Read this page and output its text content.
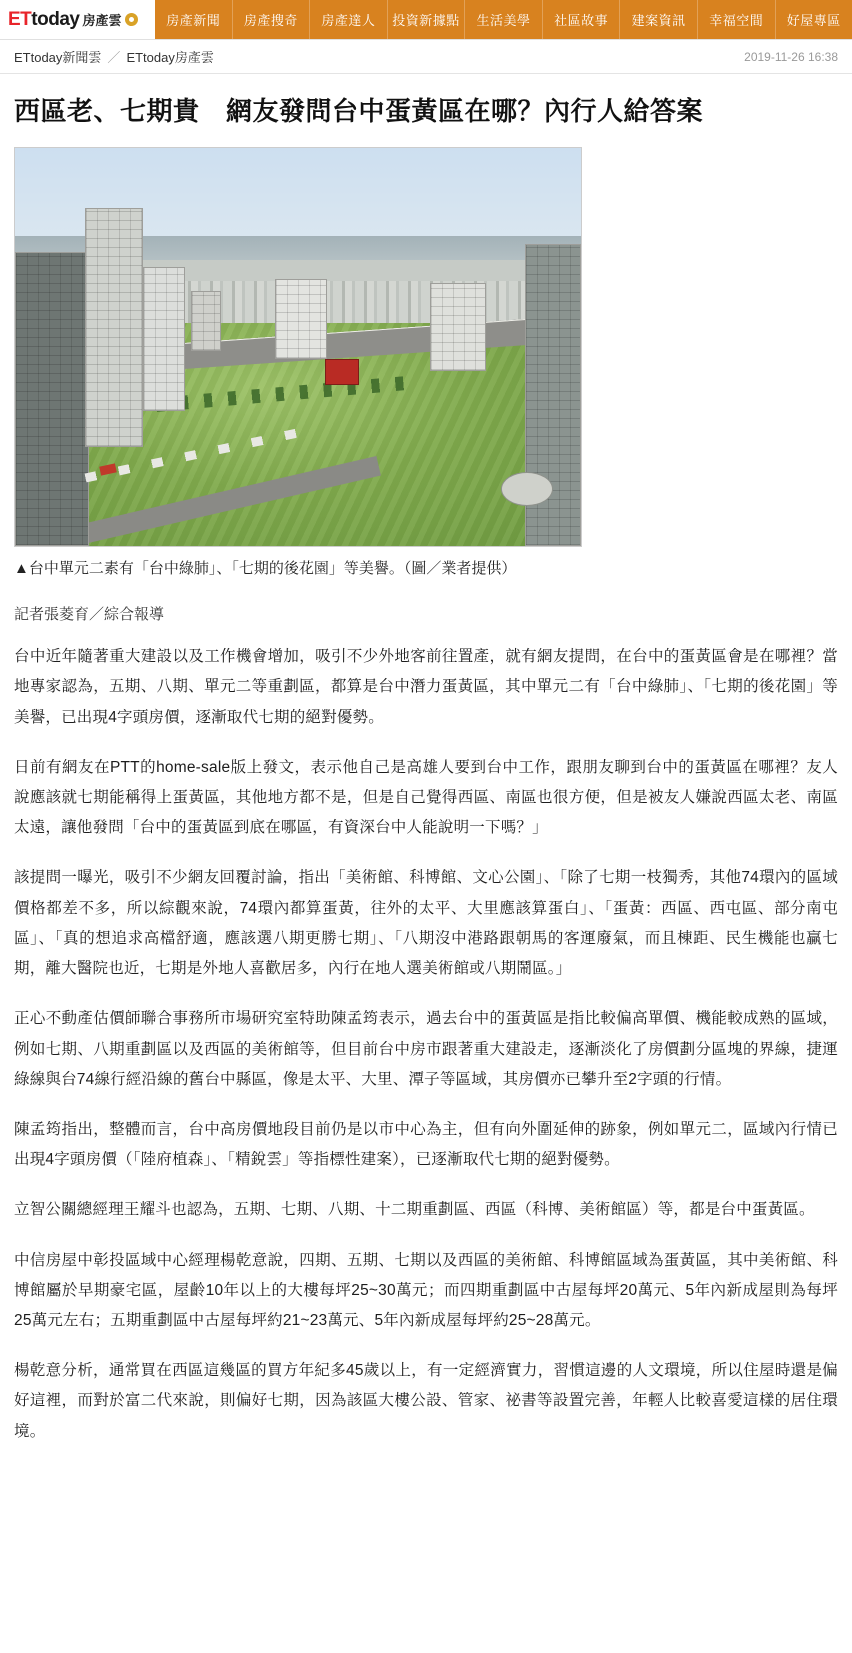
ETtoday 房產雲	房產新聞	房產搜奇	房產達人	投資新據點	生活美學	社區故事	建案資訊	幸福空間	好屋專區
ETtoday新聞雲 ／ ETtoday房產雲	2019-11-26 16:38
西區老、七期貴　網友發問台中蛋黃區在哪？內行人給答案
▲台中單元二素有「台中綠肺」、「七期的後花園」等美譽。（圖／業者提供）
記者張菱育／綜合報導

台中近年隨著重大建設以及工作機會增加，吸引不少外地客前往置產，就有網友提問，在台中的蛋黃區會是在哪裡？當地專家認為，五期、八期、單元二等重劃區，都算是台中潛力蛋黃區，其中單元二有「台中綠肺」、「七期的後花園」等美譽，已出現4字頭房價，逐漸取代七期的絕對優勢。

日前有網友在PTT的home-sale版上發文，表示他自己是高雄人要到台中工作，跟朋友聊到台中的蛋黃區在哪裡？友人說應該就七期能稱得上蛋黃區，其他地方都不是，但是自己覺得西區、南區也很方便，但是被友人嫌說西區太老、南區太遠，讓他發問「台中的蛋黃區到底在哪區，有資深台中人能說明一下嗎？」

該提問一曝光，吸引不少網友回覆討論，指出「美術館、科博館、文心公園」、「除了七期一枝獨秀，其他74環內的區域價格都差不多，所以綜觀來說，74環內都算蛋黃，往外的太平、大里應該算蛋白」、「蛋黃：西區、西屯區、部分南屯區」、「真的想追求高檔舒適，應該選八期更勝七期」、「八期沒中港路跟朝馬的客運廢氣，而且棟距、民生機能也贏七期，離大醫院也近，七期是外地人喜歡居多，內行在地人選美術館或八期鬧區。」

正心不動產估價師聯合事務所市場研究室特助陳孟筠表示，過去台中的蛋黃區是指比較偏高單價、機能較成熟的區域，例如七期、八期重劃區以及西區的美術館等，但目前台中房市跟著重大建設走，逐漸淡化了房價劃分區塊的界線，捷運綠線與台74線行經沿線的舊台中縣區，像是太平、大里、潭子等區域，其房價亦已攀升至2字頭的行情。

陳孟筠指出，整體而言，台中高房價地段目前仍是以市中心為主，但有向外圍延伸的跡象，例如單元二，區域內行情已出現4字頭房價（「陸府植森」、「精銳雲」等指標性建案），已逐漸取代七期的絕對優勢。

立智公關總經理王耀斗也認為，五期、七期、八期、十二期重劃區、西區（科博、美術館區）等，都是台中蛋黃區。

中信房屋中彰投區域中心經理楊乾意說，四期、五期、七期以及西區的美術館、科博館區域為蛋黃區，其中美術館、科博館屬於早期豪宅區，屋齡10年以上的大樓每坪25~30萬元；而四期重劃區中古屋每坪20萬元、5年內新成屋則為每坪25萬元左右；五期重劃區中古屋每坪約21~23萬元、5年內新成屋每坪約25~28萬元。

楊乾意分析，通常買在西區這幾區的買方年紀多45歲以上，有一定經濟實力，習慣這邊的人文環境，所以住屋時還是偏好這裡，而對於富二代來說，則偏好七期，因為該區大樓公設、管家、祕書等設置完善，年輕人比較喜愛這樣的居住環境。
